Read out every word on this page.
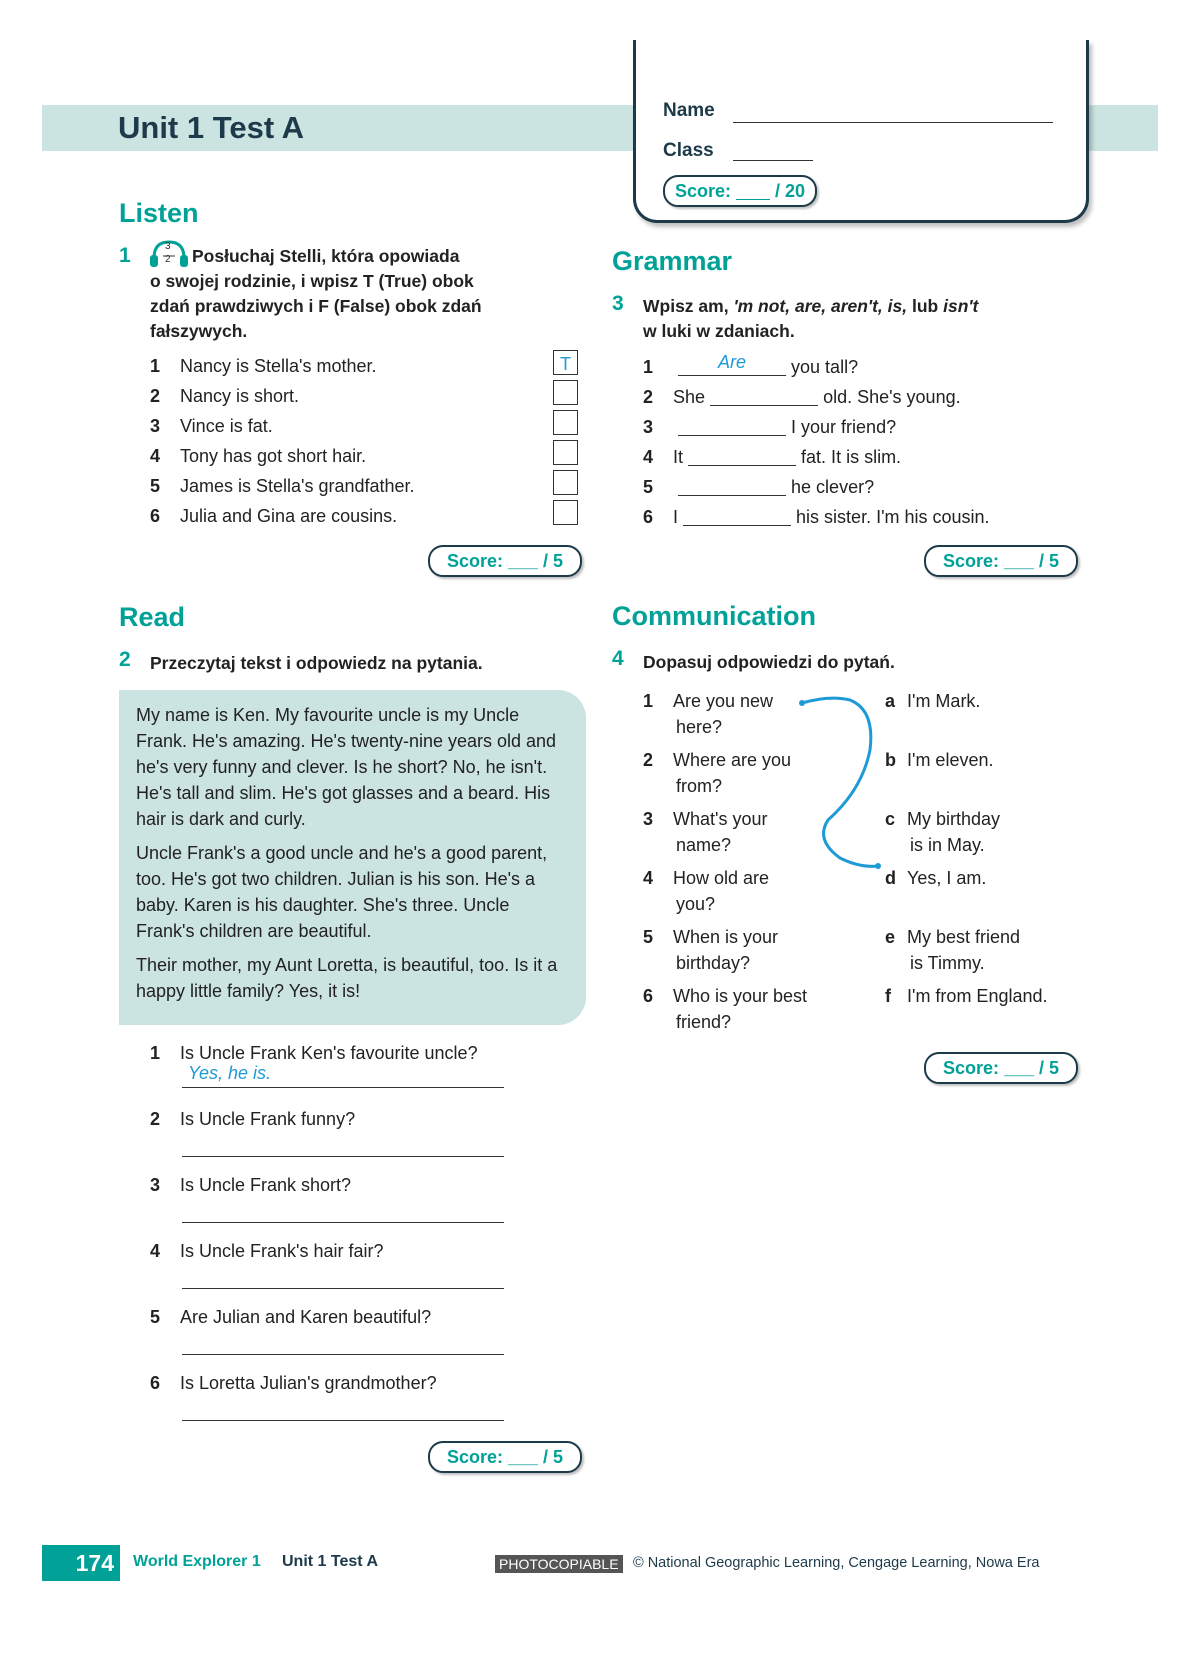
Unit 1 Test A	Name
Class
Score: / 20
Listen
1	3
2 Posłuchaj Stelli, która opowiada
o swojej rodzinie, i wpisz T (True) obok
zdań prawdziwych i F (False) obok zdań
fałszywych.
1 Nancy is Stella's mother.	T
2 Nancy is short.
3 Vince is fat.
4 Tony has got short hair.
5 James is Stella's grandfather.
6 Julia and Gina are cousins.
Score: ___ / 5
Read
2 Przeczytaj tekst i odpowiedz na pytania.

My name is Ken. My favourite uncle is my Uncle Frank. He's amazing. He's twenty-nine years old and he's very funny and clever. Is he short? No, he isn't. He's tall and slim. He's got glasses and a beard. His hair is dark and curly.

Uncle Frank's a good uncle and he's a good parent, too. He's got two children. Julian is his son. He's a baby. Karen is his daughter. She's three. Uncle Frank's children are beautiful.

Their mother, my Aunt Loretta, is beautiful, too. Is it a happy little family? Yes, it is!

1 Is Uncle Frank Ken's favourite uncle?
Yes, he is.
2 Is Uncle Frank funny?
3 Is Uncle Frank short?
4 Is Uncle Frank's hair fair?
5 Are Julian and Karen beautiful?
6 Is Loretta Julian's grandmother?
Score: ___ / 5
Grammar
3 Wpisz am, 'm not, are, aren't, is, lub isn't
w luki w zdaniach.
1	Are	you tall?
2 She	old. She's young.
3	I your friend?
4 It	fat. It is slim.
5	he clever?
6 I	his sister. I'm his cousin.
Score: ___ / 5
Communication
4 Dopasuj odpowiedzi do pytań.
1 Are you new
here?
2 Where are you
from?
3 What's your
name?
4 How old are
you?
5 When is your
birthday?
6 Who is your best
friend?
a I'm Mark.
b I'm eleven.
c My birthday
is in May.
d Yes, I am.
e My best friend
is Timmy.
f I'm from England.
Score: ___ / 5
174	World Explorer 1 Unit 1 Test A	PHOTOCOPIABLE © National Geographic Learning, Cengage Learning, Nowa Era
